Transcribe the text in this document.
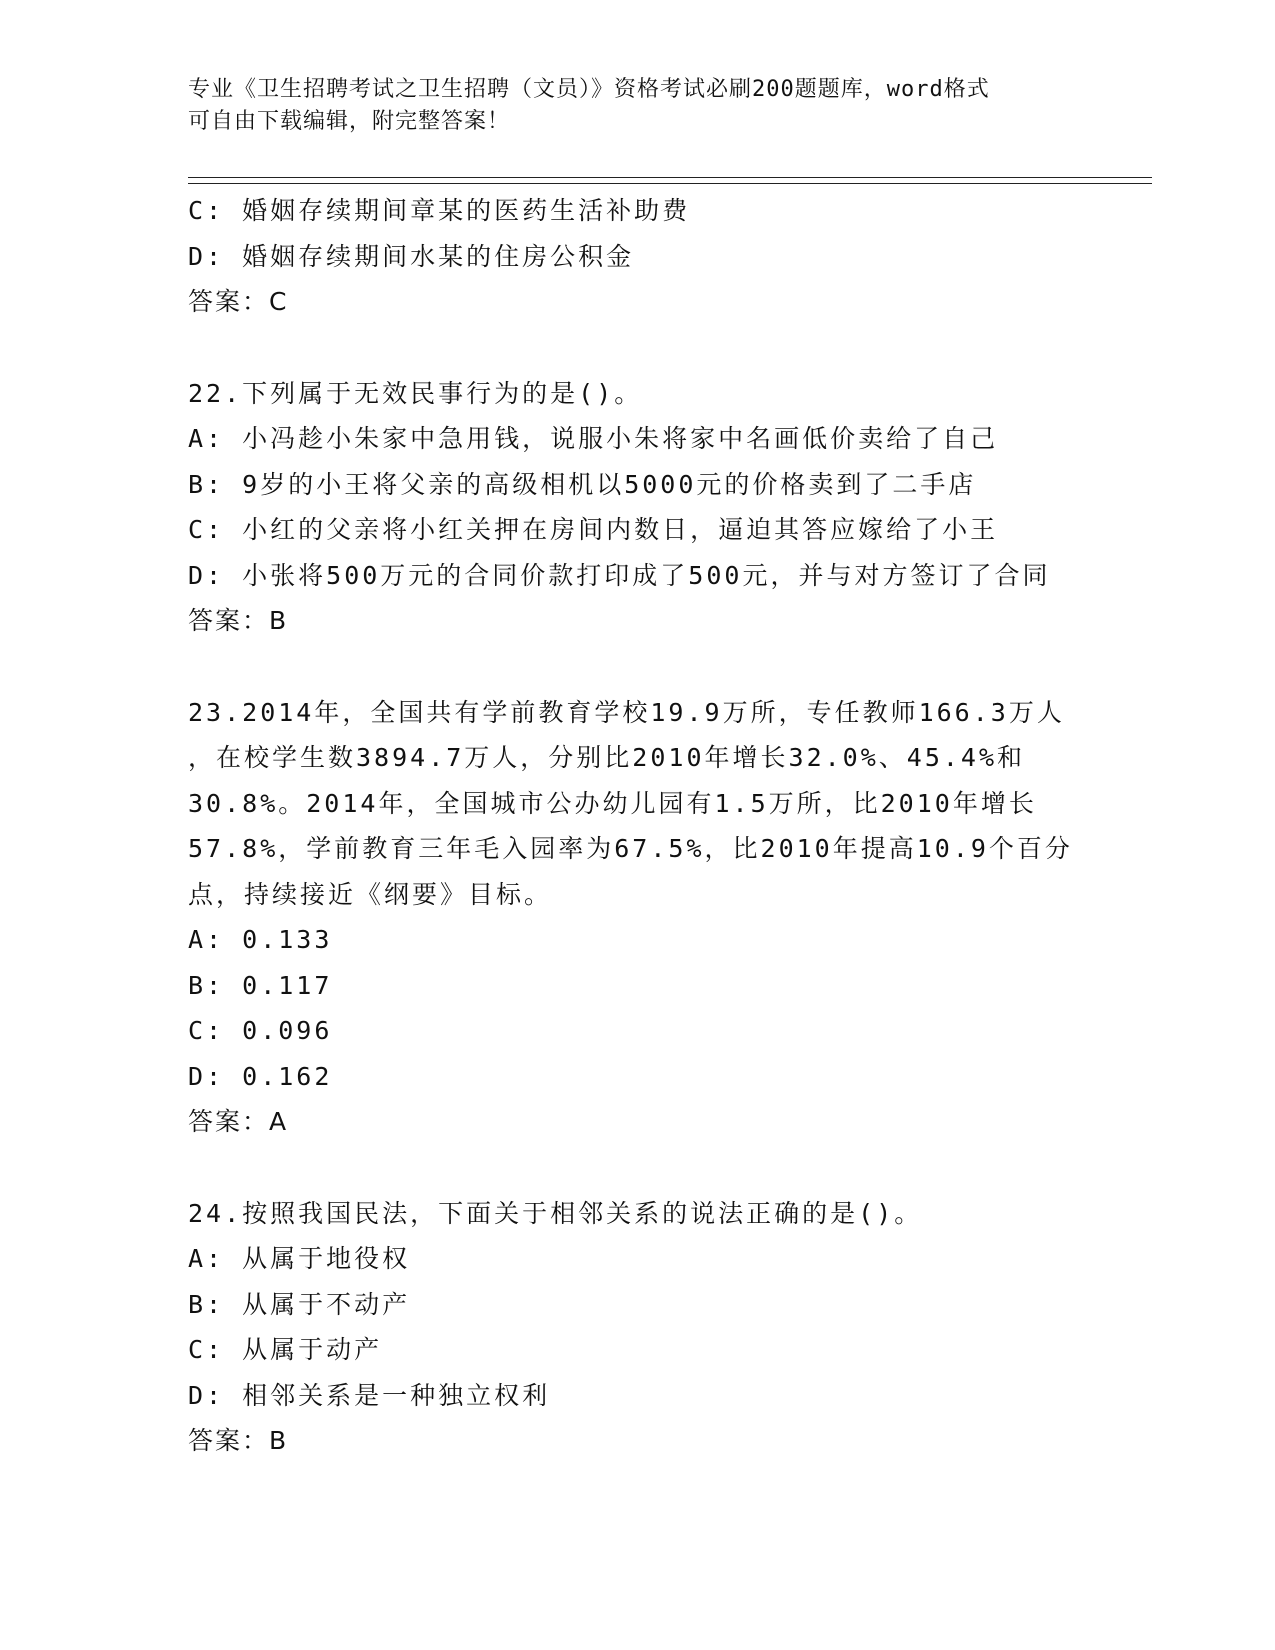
专业《卫生招聘考试之卫生招聘（文员）》资格考试必刷200题题库，word格式
可自由下载编辑，附完整答案！
C: 婚姻存续期间章某的医药生活补助费
D: 婚姻存续期间水某的住房公积金
答案：C
22.下列属于无效民事行为的是()。
A: 小冯趁小朱家中急用钱，说服小朱将家中名画低价卖给了自己
B: 9岁的小王将父亲的高级相机以5000元的价格卖到了二手店
C: 小红的父亲将小红关押在房间内数日，逼迫其答应嫁给了小王
D: 小张将500万元的合同价款打印成了500元，并与对方签订了合同
答案：B
23.2014年，全国共有学前教育学校19.9万所，专任教师166.3万人
，在校学生数3894.7万人，分别比2010年增长32.0%、45.4%和
30.8%。2014年，全国城市公办幼儿园有1.5万所，比2010年增长
57.8%，学前教育三年毛入园率为67.5%，比2010年提高10.9个百分
点，持续接近《纲要》目标。
A: 0.133
B: 0.117
C: 0.096
D: 0.162
答案：A
24.按照我国民法，下面关于相邻关系的说法正确的是()。
A: 从属于地役权
B: 从属于不动产
C: 从属于动产
D: 相邻关系是一种独立权利
答案：B
